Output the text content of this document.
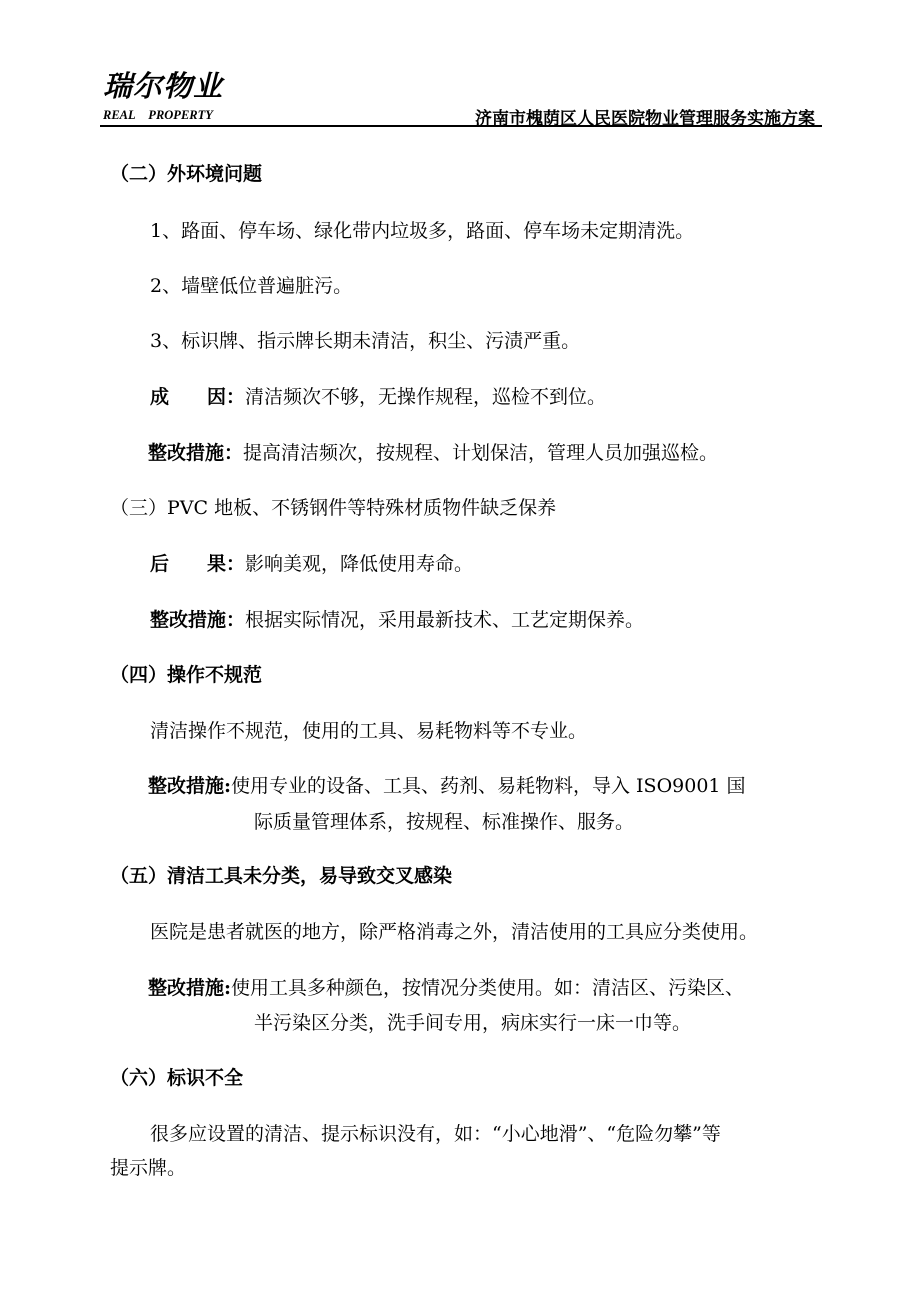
瑞尔物业
REAL PROPERTY	济南市槐荫区人民医院物业管理服务实施方案
（二）外环境问题
1、路面、停车场、绿化带内垃圾多，路面、停车场未定期清洗。
2、墙壁低位普遍脏污。
3、标识牌、指示牌长期未清洁，积尘、污渍严重。
成　　因：清洁频次不够，无操作规程，巡检不到位。
整改措施：提高清洁频次，按规程、计划保洁，管理人员加强巡检。
（三）PVC 地板、不锈钢件等特殊材质物件缺乏保养
后　　果：影响美观，降低使用寿命。
整改措施：根据实际情况，采用最新技术、工艺定期保养。
（四）操作不规范
清洁操作不规范，使用的工具、易耗物料等不专业。
整改措施:使用专业的设备、工具、药剂、易耗物料，导入 ISO9001 国
际质量管理体系，按规程、标准操作、服务。
（五）清洁工具未分类，易导致交叉感染
医院是患者就医的地方，除严格消毒之外，清洁使用的工具应分类使用。
整改措施:使用工具多种颜色，按情况分类使用。如：清洁区、污染区、
半污染区分类，洗手间专用，病床实行一床一巾等。
（六）标识不全
很多应设置的清洁、提示标识没有，如：“小心地滑”、“危险勿攀”等
提示牌。
